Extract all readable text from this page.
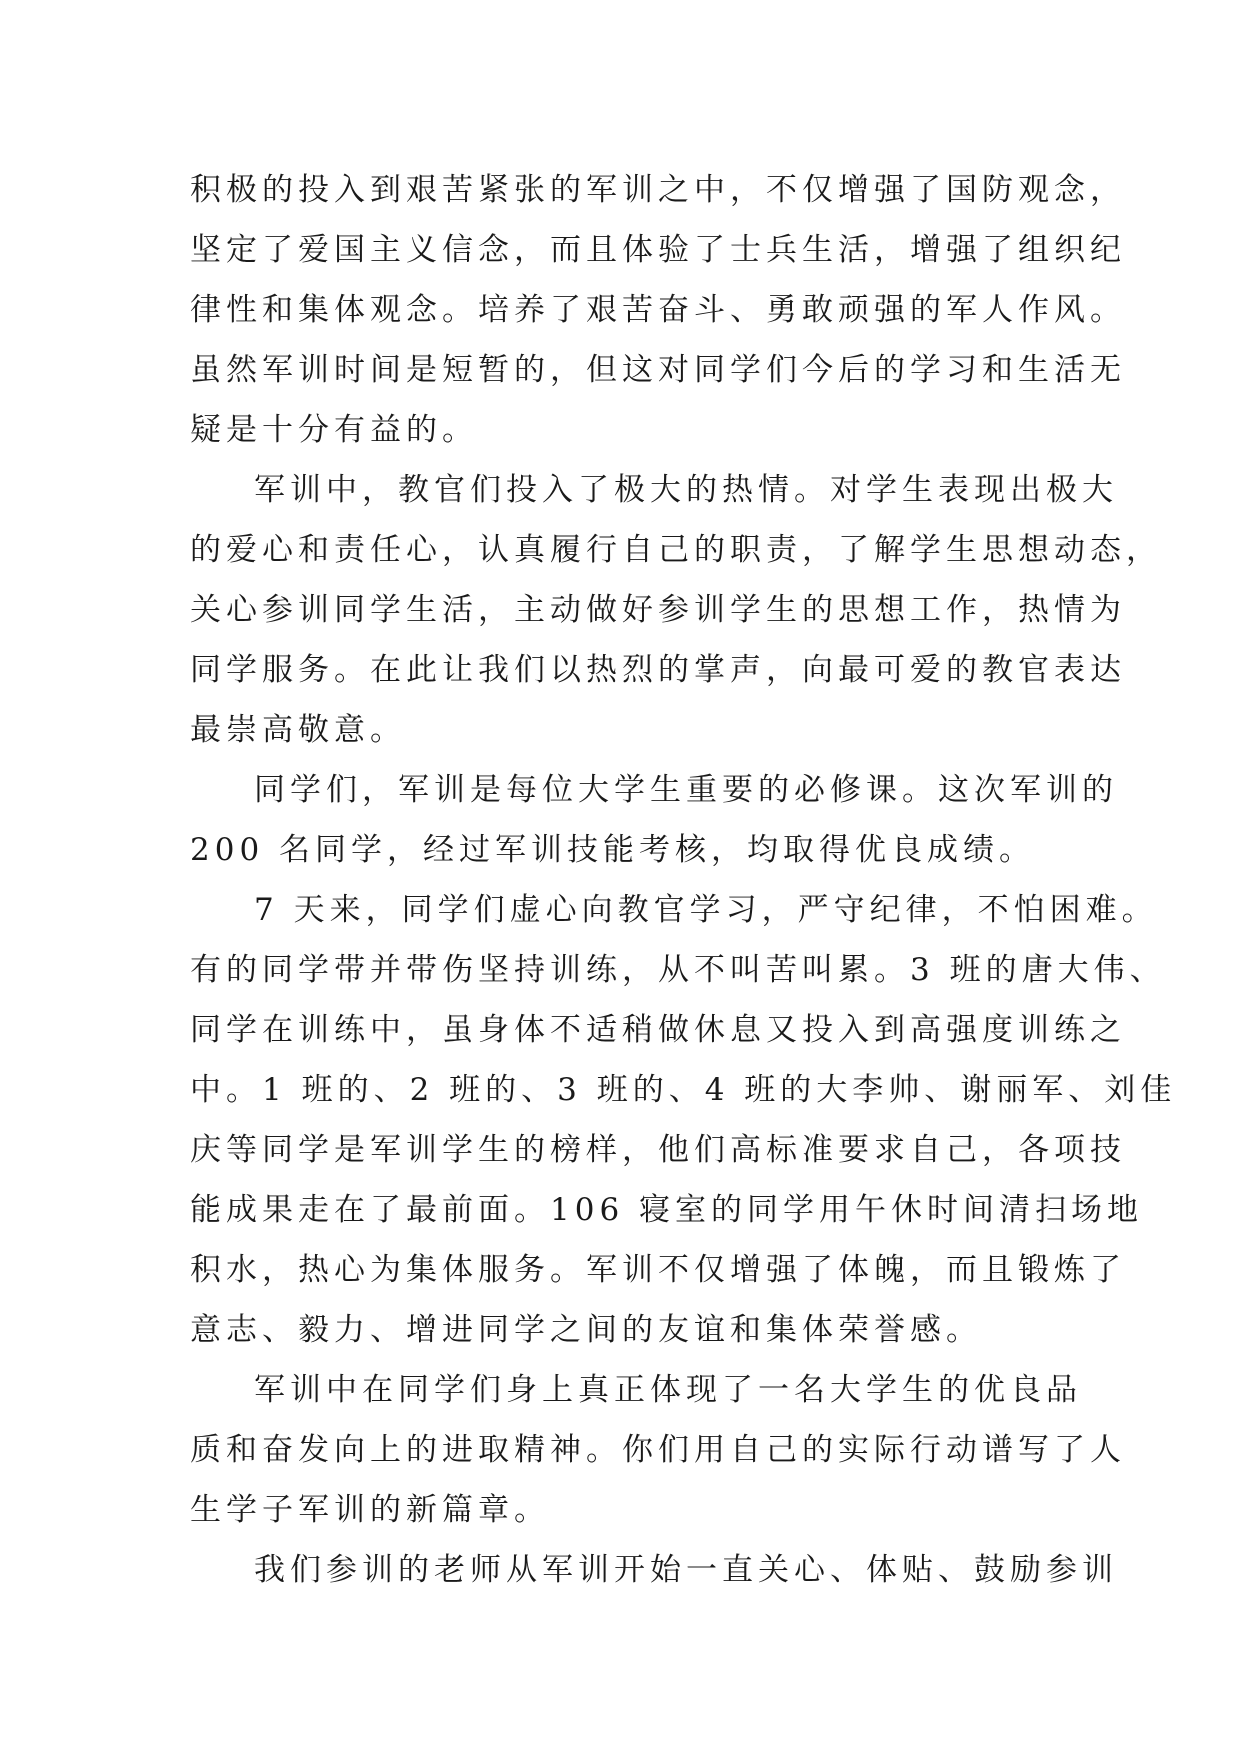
积极的投入到艰苦紧张的军训之中，不仅增强了国防观念，
坚定了爱国主义信念，而且体验了士兵生活，增强了组织纪
律性和集体观念。培养了艰苦奋斗、勇敢顽强的军人作风。
虽然军训时间是短暂的，但这对同学们今后的学习和生活无
疑是十分有益的。
军训中，教官们投入了极大的热情。对学生表现出极大
的爱心和责任心，认真履行自己的职责，了解学生思想动态，
关心参训同学生活，主动做好参训学生的思想工作，热情为
同学服务。在此让我们以热烈的掌声，向最可爱的教官表达
最崇高敬意。
同学们，军训是每位大学生重要的必修课。这次军训的
200 名同学，经过军训技能考核，均取得优良成绩。
7 天来，同学们虚心向教官学习，严守纪律，不怕困难。
有的同学带并带伤坚持训练，从不叫苦叫累。3 班的唐大伟、
同学在训练中，虽身体不适稍做休息又投入到高强度训练之
中。1 班的、2 班的、3 班的、4 班的大李帅、谢丽军、刘佳
庆等同学是军训学生的榜样，他们高标准要求自己，各项技
能成果走在了最前面。106 寝室的同学用午休时间清扫场地
积水，热心为集体服务。军训不仅增强了体魄，而且锻炼了
意志、毅力、增进同学之间的友谊和集体荣誉感。
军训中在同学们身上真正体现了一名大学生的优良品
质和奋发向上的进取精神。你们用自己的实际行动谱写了人
生学子军训的新篇章。
我们参训的老师从军训开始一直关心、体贴、鼓励参训
